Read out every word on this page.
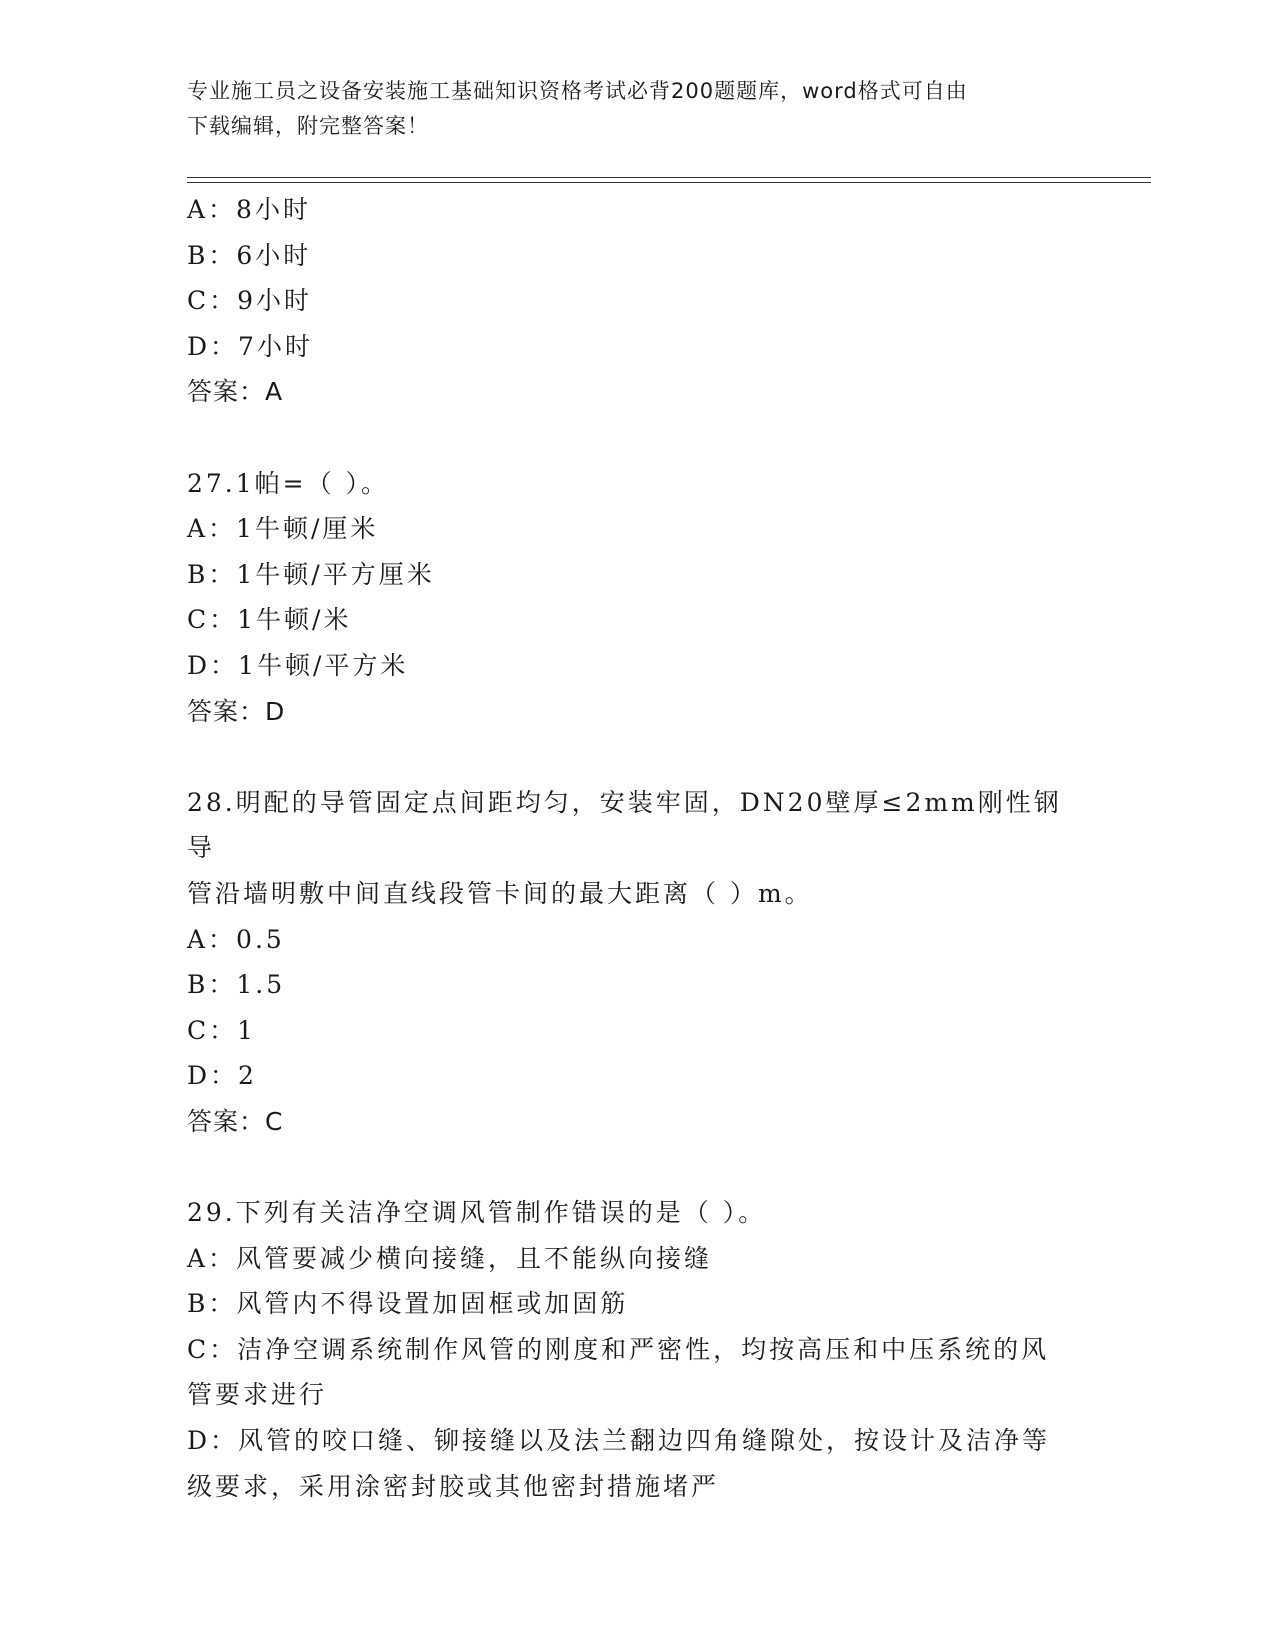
专业施工员之设备安装施工基础知识资格考试必背200题题库，word格式可自由
下载编辑，附完整答案！
A：8小时
B：6小时
C：9小时
D：7小时
答案：A
27.1帕=（ ）。
A：1牛顿/厘米
B：1牛顿/平方厘米
C：1牛顿/米
D：1牛顿/平方米
答案：D
28.明配的导管固定点间距均匀，安装牢固，DN20壁厚≤2mm刚性钢导
管沿墙明敷中间直线段管卡间的最大距离（ ）m。
A：0.5
B：1.5
C：1
D：2
答案：C
29.下列有关洁净空调风管制作错误的是（ ）。
A：风管要减少横向接缝，且不能纵向接缝
B：风管内不得设置加固框或加固筋
C：洁净空调系统制作风管的刚度和严密性，均按高压和中压系统的风
管要求进行
D：风管的咬口缝、铆接缝以及法兰翻边四角缝隙处，按设计及洁净等
级要求，采用涂密封胶或其他密封措施堵严
